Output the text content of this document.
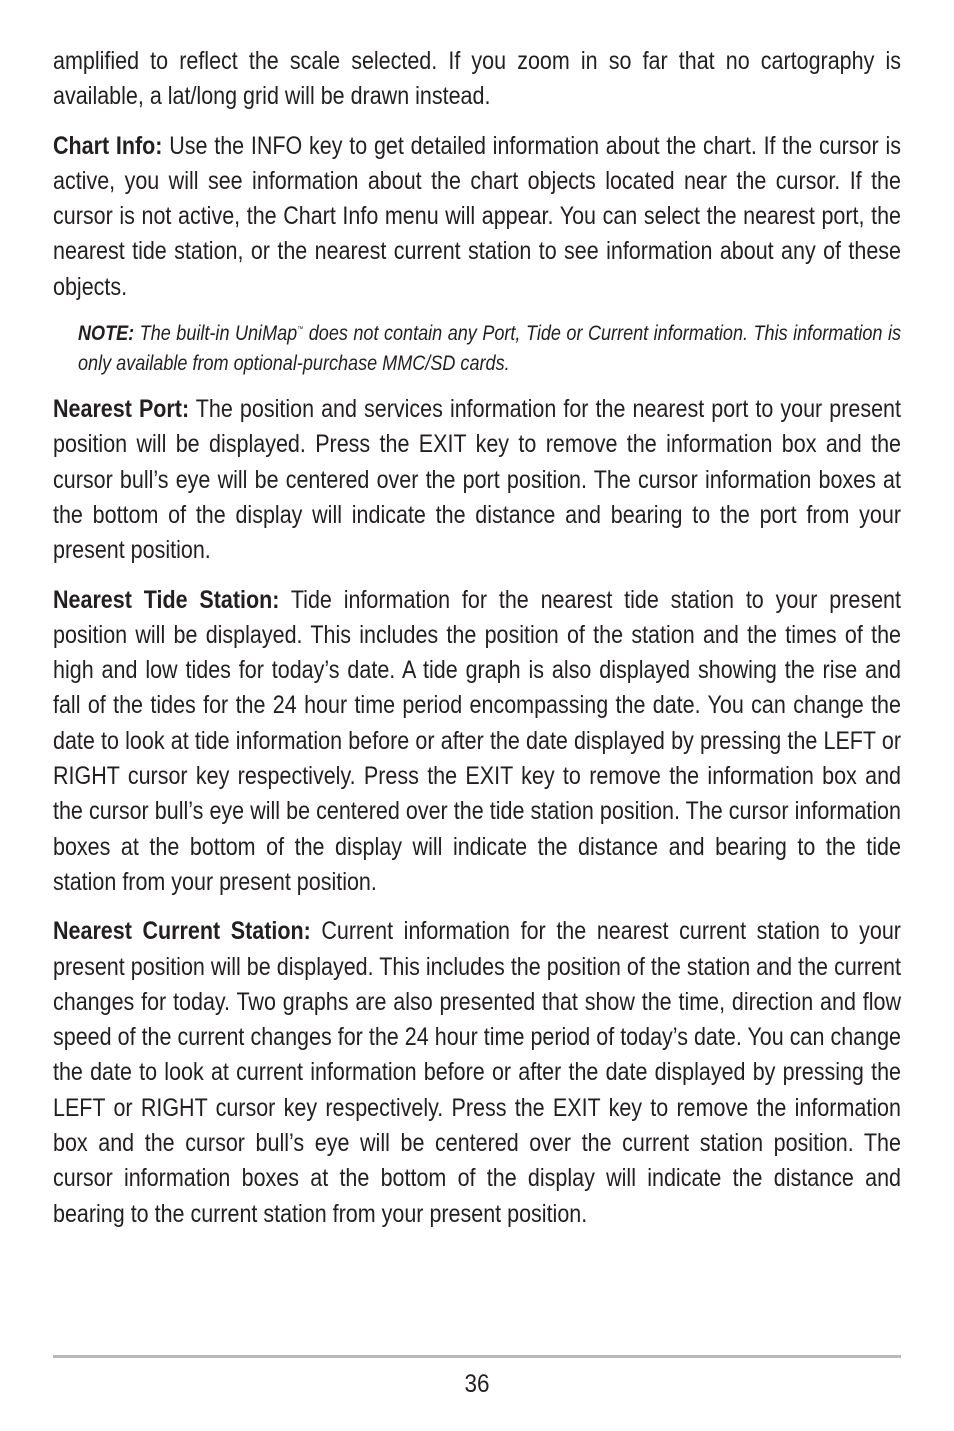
amplified to reflect the scale selected. If you zoom in so far that no cartography is available, a lat/long grid will be drawn instead.

Chart Info: Use the INFO key to get detailed information about the chart. If the cursor is active, you will see information about the chart objects located near the cursor. If the cursor is not active, the Chart Info menu will appear. You can select the nearest port, the nearest tide station, or the nearest current station to see information about any of these objects.

NOTE: The built-in UniMap™ does not contain any Port, Tide or Current information. This information is only available from optional-purchase MMC/SD cards.

Nearest Port: The position and services information for the nearest port to your present position will be displayed. Press the EXIT key to remove the information box and the cursor bull’s eye will be centered over the port position. The cursor information boxes at the bottom of the display will indicate the distance and bearing to the port from your present position.

Nearest Tide Station: Tide information for the nearest tide station to your present position will be displayed. This includes the position of the station and the times of the high and low tides for today’s date. A tide graph is also displayed showing the rise and fall of the tides for the 24 hour time period encompassing the date. You can change the date to look at tide information before or after the date displayed by pressing the LEFT or RIGHT cursor key respectively. Press the EXIT key to remove the information box and the cursor bull’s eye will be centered over the tide station position. The cursor information boxes at the bottom of the display will indicate the distance and bearing to the tide station from your present position.

Nearest Current Station: Current information for the nearest current station to your present position will be displayed. This includes the position of the station and the current changes for today. Two graphs are also presented that show the time, direction and flow speed of the current changes for the 24 hour time period of today’s date. You can change the date to look at current information before or after the date displayed by pressing the LEFT or RIGHT cursor key respectively. Press the EXIT key to remove the information box and the cursor bull’s eye will be centered over the current station position. The cursor information boxes at the bottom of the display will indicate the distance and bearing to the current station from your present position.

36
